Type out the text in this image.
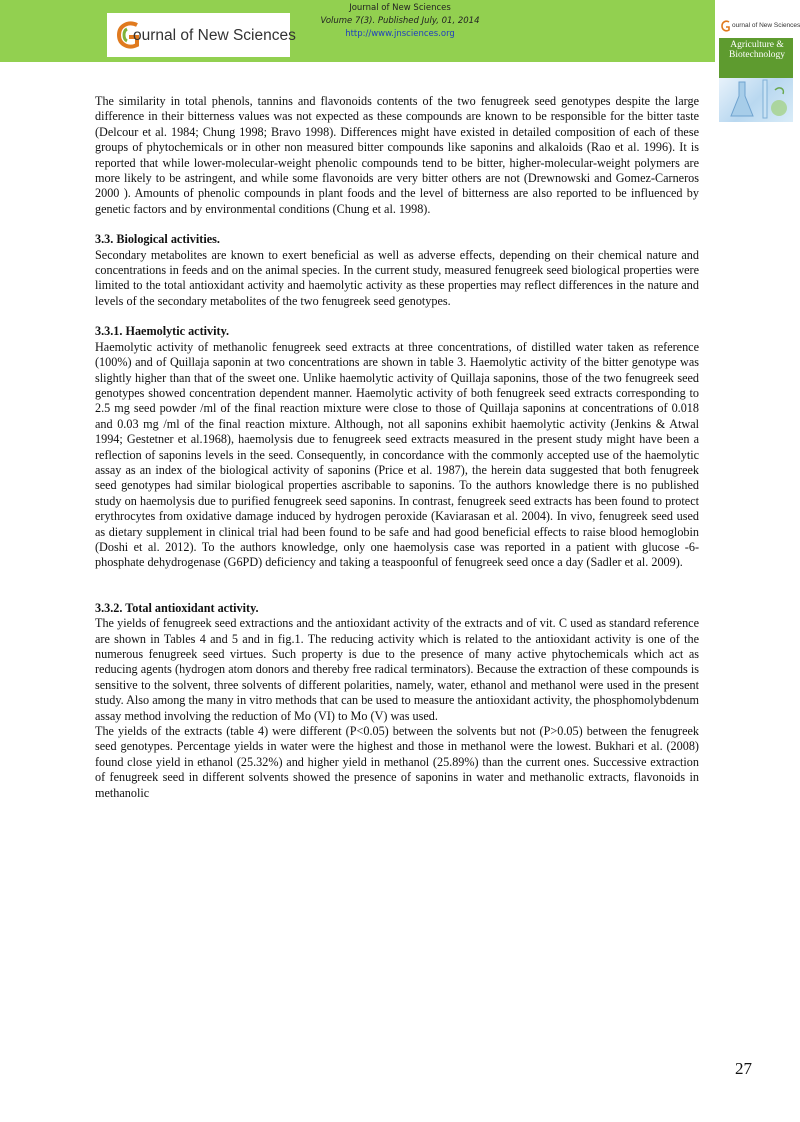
ournal of New Sciences
Journal of New Sciences
Volume 7(3). Published July, 01, 2014
http://www.jnsciences.org
ournal of New Sciences
Agriculture & Biotechnology

The similarity in total phenols, tannins and flavonoids contents of the two fenugreek seed genotypes despite the large difference in their bitterness values was not expected as these compounds are known to be responsible for the bitter taste (Delcour et al. 1984; Chung 1998; Bravo 1998). Differences might have existed in detailed composition of each of these groups of phytochemicals or in other non measured bitter compounds like saponins and alkaloids (Rao et al. 1996). It is reported that while lower-molecular-weight phenolic compounds tend to be bitter, higher-molecular-weight polymers are more likely to be astringent, and while some flavonoids are very bitter others are not (Drewnowski and Gomez-Carneros 2000 ). Amounts of phenolic compounds in plant foods and the level of bitterness are also reported to be influenced by genetic factors and by environmental conditions (Chung et al. 1998).

3.3. Biological activities.

Secondary metabolites are known to exert beneficial as well as adverse effects, depending on their chemical nature and concentrations in feeds and on the animal species. In the current study, measured fenugreek seed biological properties were limited to the total antioxidant activity and haemolytic activity as these properties may reflect differences in the nature and levels of the secondary metabolites of the two fenugreek seed genotypes.

3.3.1. Haemolytic activity.

Haemolytic activity of methanolic fenugreek seed extracts at three concentrations, of distilled water taken as reference (100%) and of Quillaja saponin at two concentrations are shown in table 3. Haemolytic activity of the bitter genotype was slightly higher than that of the sweet one. Unlike haemolytic activity of Quillaja saponins, those of the two fenugreek seed genotypes showed concentration dependent manner. Haemolytic activity of both fenugreek seed extracts corresponding to 2.5 mg seed powder /ml of the final reaction mixture were close to those of Quillaja saponins at concentrations of 0.018 and 0.03 mg /ml of the final reaction mixture. Although, not all saponins exhibit haemolytic activity (Jenkins & Atwal 1994; Gestetner et al.1968), haemolysis due to fenugreek seed extracts measured in the present study might have been a reflection of saponins levels in the seed. Consequently, in concordance with the commonly accepted use of the haemolytic assay as an index of the biological activity of saponins (Price et al. 1987), the herein data suggested that both fenugreek seed genotypes had similar biological properties ascribable to saponins. To the authors knowledge there is no published study on haemolysis due to purified fenugreek seed saponins. In contrast, fenugreek seed extracts has been found to protect erythrocytes from oxidative damage induced by hydrogen peroxide (Kaviarasan et al. 2004). In vivo, fenugreek seed used as dietary supplement in clinical trial had been found to be safe and had good beneficial effects to raise blood hemoglobin (Doshi et al. 2012). To the authors knowledge, only one haemolysis case was reported in a patient with glucose -6- phosphate dehydrogenase (G6PD) deficiency and taking a teaspoonful of fenugreek seed once a day (Sadler et al. 2009).

3.3.2. Total antioxidant activity.

The yields of fenugreek seed extractions and the antioxidant activity of the extracts and of vit. C used as standard reference are shown in Tables 4 and 5 and in fig.1. The reducing activity which is related to the antioxidant activity is one of the numerous fenugreek seed virtues. Such property is due to the presence of many active phytochemicals which act as reducing agents (hydrogen atom donors and thereby free radical terminators). Because the extraction of these compounds is sensitive to the solvent, three solvents of different polarities, namely, water, ethanol and methanol were used in the present study. Also among the many in vitro methods that can be used to measure the antioxidant activity, the phosphomolybdenum assay method involving the reduction of Mo (VI) to Mo (V) was used.

The yields of the extracts (table 4) were different (P<0.05) between the solvents but not (P>0.05) between the fenugreek seed genotypes. Percentage yields in water were the highest and those in methanol were the lowest. Bukhari et al. (2008) found close yield in ethanol (25.32%) and higher yield in methanol (25.89%) than the current ones. Successive extraction of fenugreek seed in different solvents showed the presence of saponins in water and methanolic extracts, flavonoids in methanolic

27
